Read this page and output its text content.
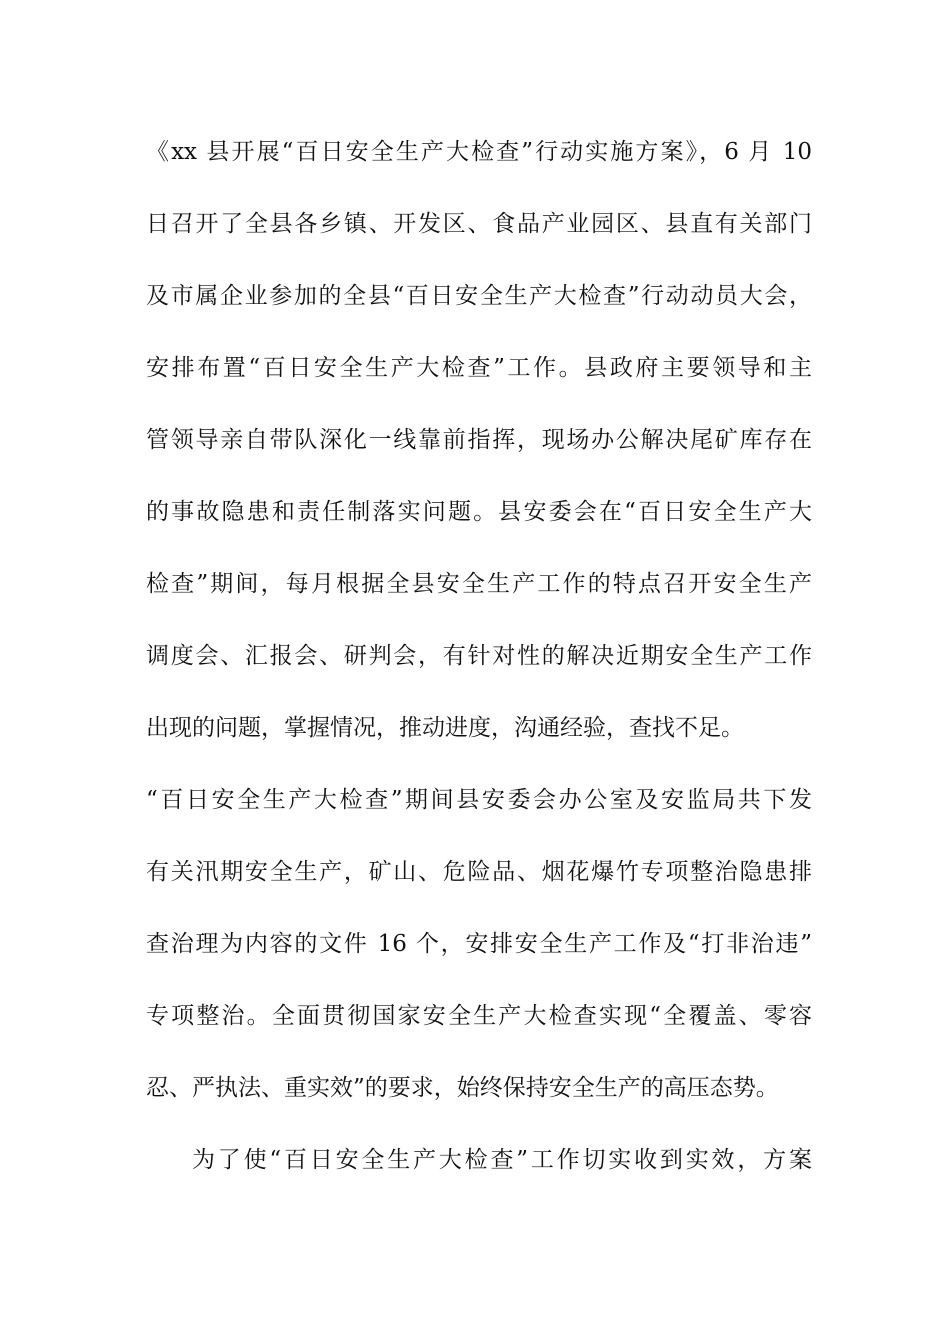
《xx 县开展“百日安全生产大检查”行动实施方案》，6 月 10
日召开了全县各乡镇、开发区、食品产业园区、县直有关部门
及市属企业参加的全县“百日安全生产大检查”行动动员大会，
安排布置“百日安全生产大检查”工作。县政府主要领导和主
管领导亲自带队深化一线靠前指挥，现场办公解决尾矿库存在
的事故隐患和责任制落实问题。县安委会在“百日安全生产大
检查”期间，每月根据全县安全生产工作的特点召开安全生产
调度会、汇报会、研判会，有针对性的解决近期安全生产工作
出现的问题，掌握情况，推动进度，沟通经验，查找不足。
“百日安全生产大检查”期间县安委会办公室及安监局共下发
有关汛期安全生产，矿山、危险品、烟花爆竹专项整治隐患排
查治理为内容的文件 16 个，安排安全生产工作及“打非治违”
专项整治。全面贯彻国家安全生产大检查实现“全覆盖、零容
忍、严执法、重实效”的要求，始终保持安全生产的高压态势。
为了使“百日安全生产大检查”工作切实收到实效，方案
